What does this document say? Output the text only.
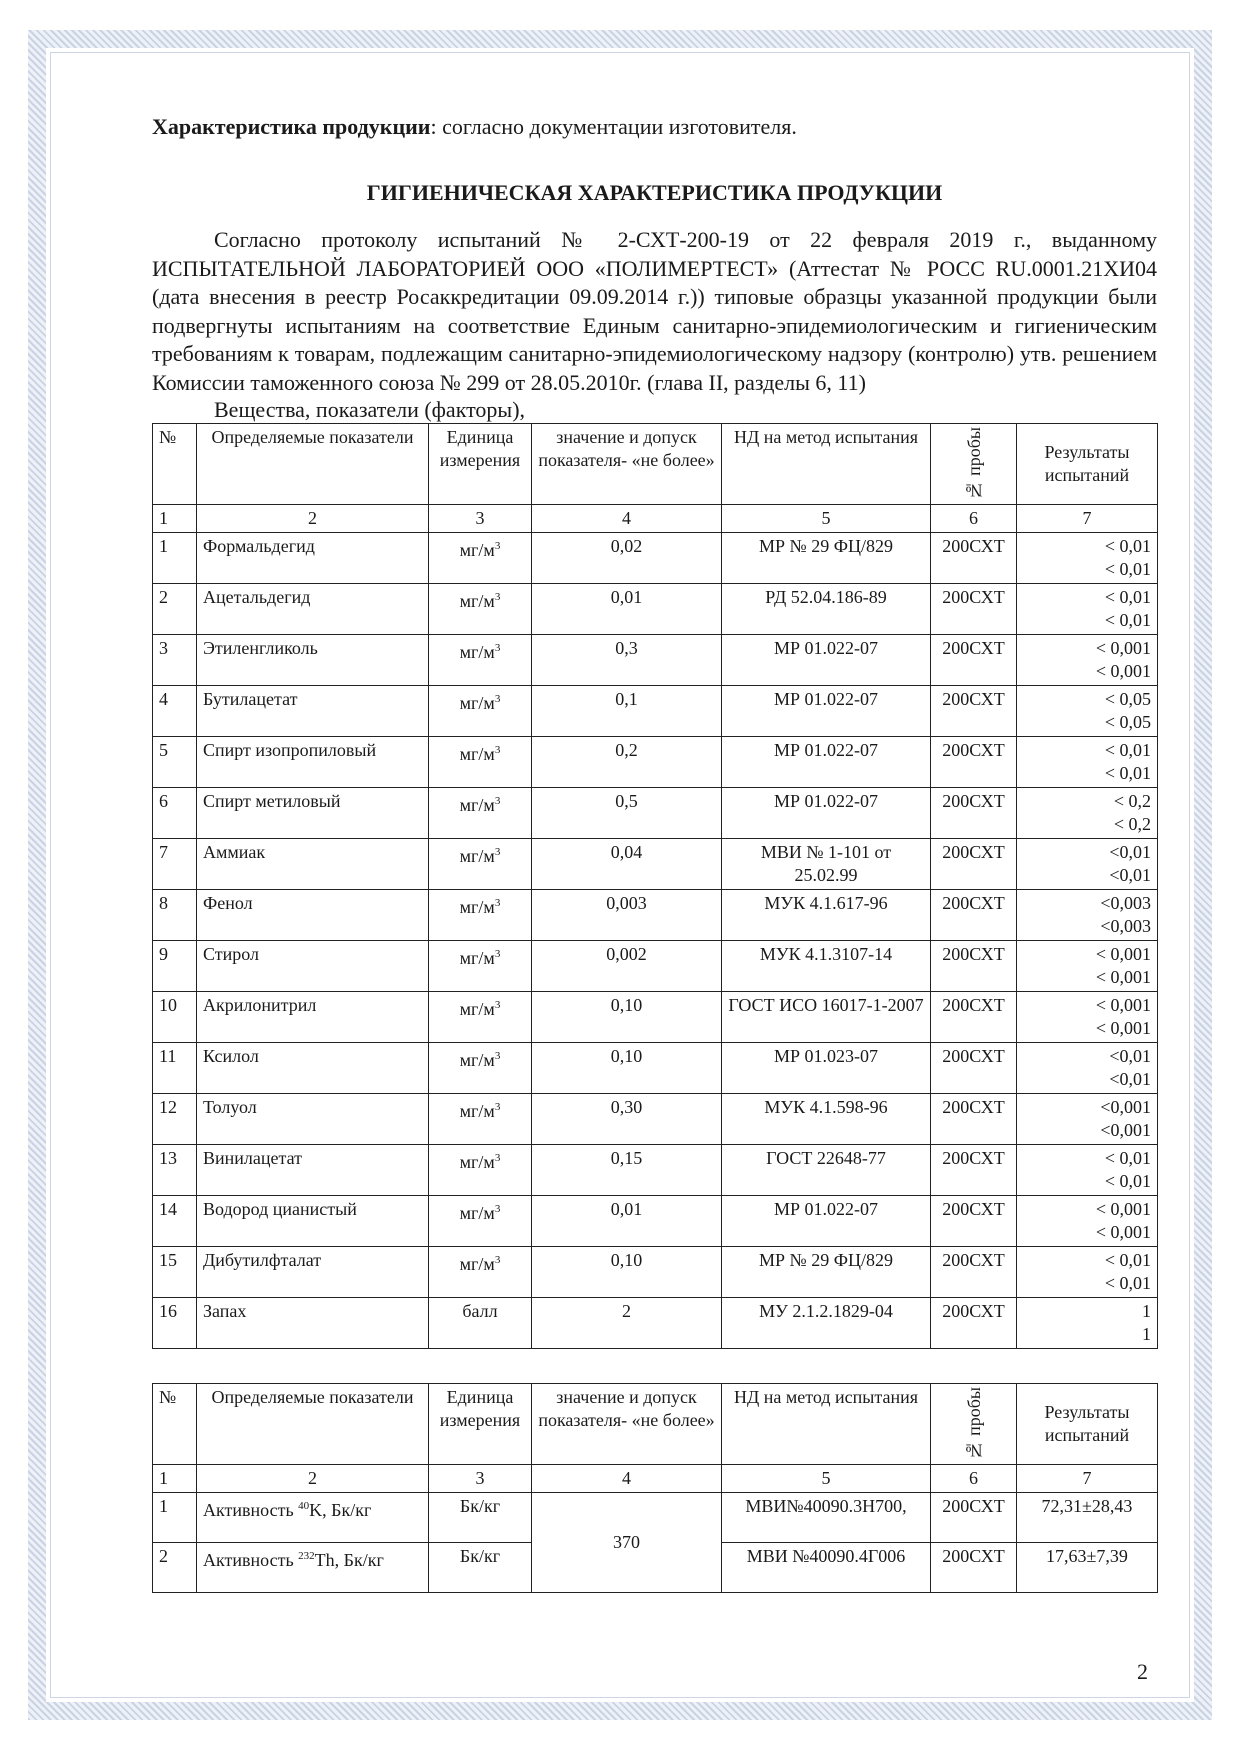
Характеристика продукции: согласно документации изготовителя.

ГИГИЕНИЧЕСКАЯ ХАРАКТЕРИСТИКА ПРОДУКЦИИ

Согласно протоколу испытаний № 2-СХТ-200-19 от 22 февраля 2019 г., выданному ИСПЫТАТЕЛЬНОЙ ЛАБОРАТОРИЕЙ ООО «ПОЛИМЕРТЕСТ» (Аттестат № РОСС RU.0001.21ХИ04 (дата внесения в реестр Росаккредитации 09.09.2014 г.)) типовые образцы указанной продукции были подвергнуты испытаниям на соответствие Единым санитарно-эпидемиологическим и гигиеническим требованиям к товарам, подлежащим санитарно-эпидемиологическому надзору (контролю) утв. решением Комиссии таможенного союза № 299 от 28.05.2010г. (глава II, разделы 6, 11)

Вещества, показатели (факторы),

№	Определяемые показатели	Единица измерения	значение и допуск показателя- «не более»	НД на метод испытания	№ пробы	Результаты испытаний
1	2	3	4	5	6	7
1	Формальдегид	$мг/м^3$	0,02	МР № 29 ФЦ/829	200СХТ	< 0,01
< 0,01

2	Ацетальдегид	$мг/м^3$	0,01	РД 52.04.186-89	200СХТ	< 0,01
< 0,01

3	Этиленгликоль	$мг/м^3$	0,3	МР 01.022-07	200СХТ	< 0,001
< 0,001

4	Бутилацетат	$мг/м^3$	0,1	МР 01.022-07	200СХТ	< 0,05
< 0,05

5	Спирт изопропиловый	$мг/м^3$	0,2	МР 01.022-07	200СХТ	< 0,01
< 0,01

6	Спирт метиловый	$мг/м^3$	0,5	МР 01.022-07	200СХТ	< 0,2
< 0,2

7	Аммиак	$мг/м^3$	0,04	МВИ № 1-101 от 25.02.99	200СХТ	<0,01
<0,01

8	Фенол	$мг/м^3$	0,003	МУК 4.1.617-96	200СХТ	<0,003
<0,003

9	Стирол	$мг/м^3$	0,002	МУК 4.1.3107-14	200СХТ	< 0,001
< 0,001

10	Акрилонитрил	$мг/м^3$	0,10	ГОСТ ИСО 16017-1-2007	200СХТ	< 0,001
< 0,001

11	Ксилол	$мг/м^3$	0,10	МР 01.023-07	200СХТ	<0,01
<0,01

12	Толуол	$мг/м^3$	0,30	МУК 4.1.598-96	200СХТ	<0,001
<0,001

13	Винилацетат	$мг/м^3$	0,15	ГОСТ 22648-77	200СХТ	< 0,01
< 0,01

14	Водород цианистый	$мг/м^3$	0,01	МР 01.022-07	200СХТ	< 0,001
< 0,001

15	Дибутилфталат	$мг/м^3$	0,10	МР № 29 ФЦ/829	200СХТ	< 0,01
< 0,01

16	Запах	балл	2	МУ 2.1.2.1829-04	200СХТ	1
1
№	Определяемые показатели	Единица измерения	значение и допуск показателя- «не более»	НД на метод испытания	№ пробы	Результаты испытаний
1	2	3	4	5	6	7
1	Активность $^{40}$K, Бк/кг	Бк/кг	370	МВИ№40090.3Н700,	200СХТ	72,31±28,43
2	Активность $^{232}$Th, Бк/кг	Бк/кг		МВИ №40090.4Г006	200СХТ	17,63±7,39
2
